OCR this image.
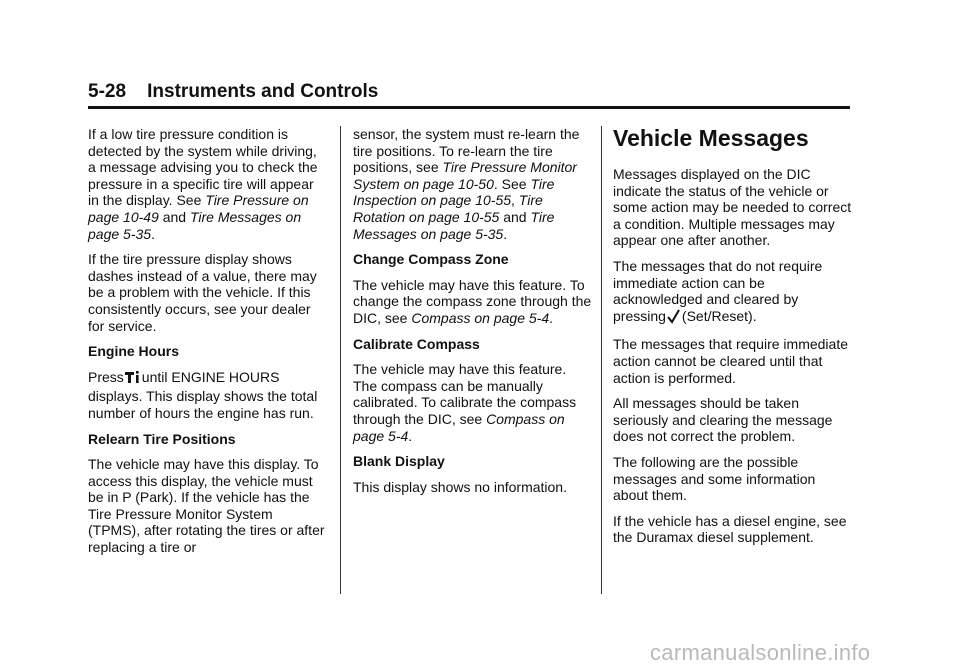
5-28 Instruments and Controls

If a low tire pressure condition is detected by the system while driving, a message advising you to check the pressure in a specific tire will appear in the display. See Tire Pressure on page 10-49 and Tire Messages on page 5-35.

If the tire pressure display shows dashes instead of a value, there may be a problem with the vehicle. If this consistently occurs, see your dealer for service.

Engine Hours

Press until ENGINE HOURS displays. This display shows the total number of hours the engine has run.

Relearn Tire Positions

The vehicle may have this display. To access this display, the vehicle must be in P (Park). If the vehicle has the Tire Pressure Monitor System (TPMS), after rotating the tires or after replacing a tire or

sensor, the system must re-learn the tire positions. To re-learn the tire positions, see Tire Pressure Monitor System on page 10-50. See Tire Inspection on page 10-55, Tire Rotation on page 10-55 and Tire Messages on page 5-35.

Change Compass Zone

The vehicle may have this feature. To change the compass zone through the DIC, see Compass on page 5-4.

Calibrate Compass

The vehicle may have this feature. The compass can be manually calibrated. To calibrate the compass through the DIC, see Compass on page 5-4.

Blank Display

This display shows no information.

Vehicle Messages

Messages displayed on the DIC indicate the status of the vehicle or some action may be needed to correct a condition. Multiple messages may appear one after another.

The messages that do not require immediate action can be acknowledged and cleared by pressing (Set/Reset).

The messages that require immediate action cannot be cleared until that action is performed.

All messages should be taken seriously and clearing the message does not correct the problem.

The following are the possible messages and some information about them.

If the vehicle has a diesel engine, see the Duramax diesel supplement.

carmanualsonline.info
